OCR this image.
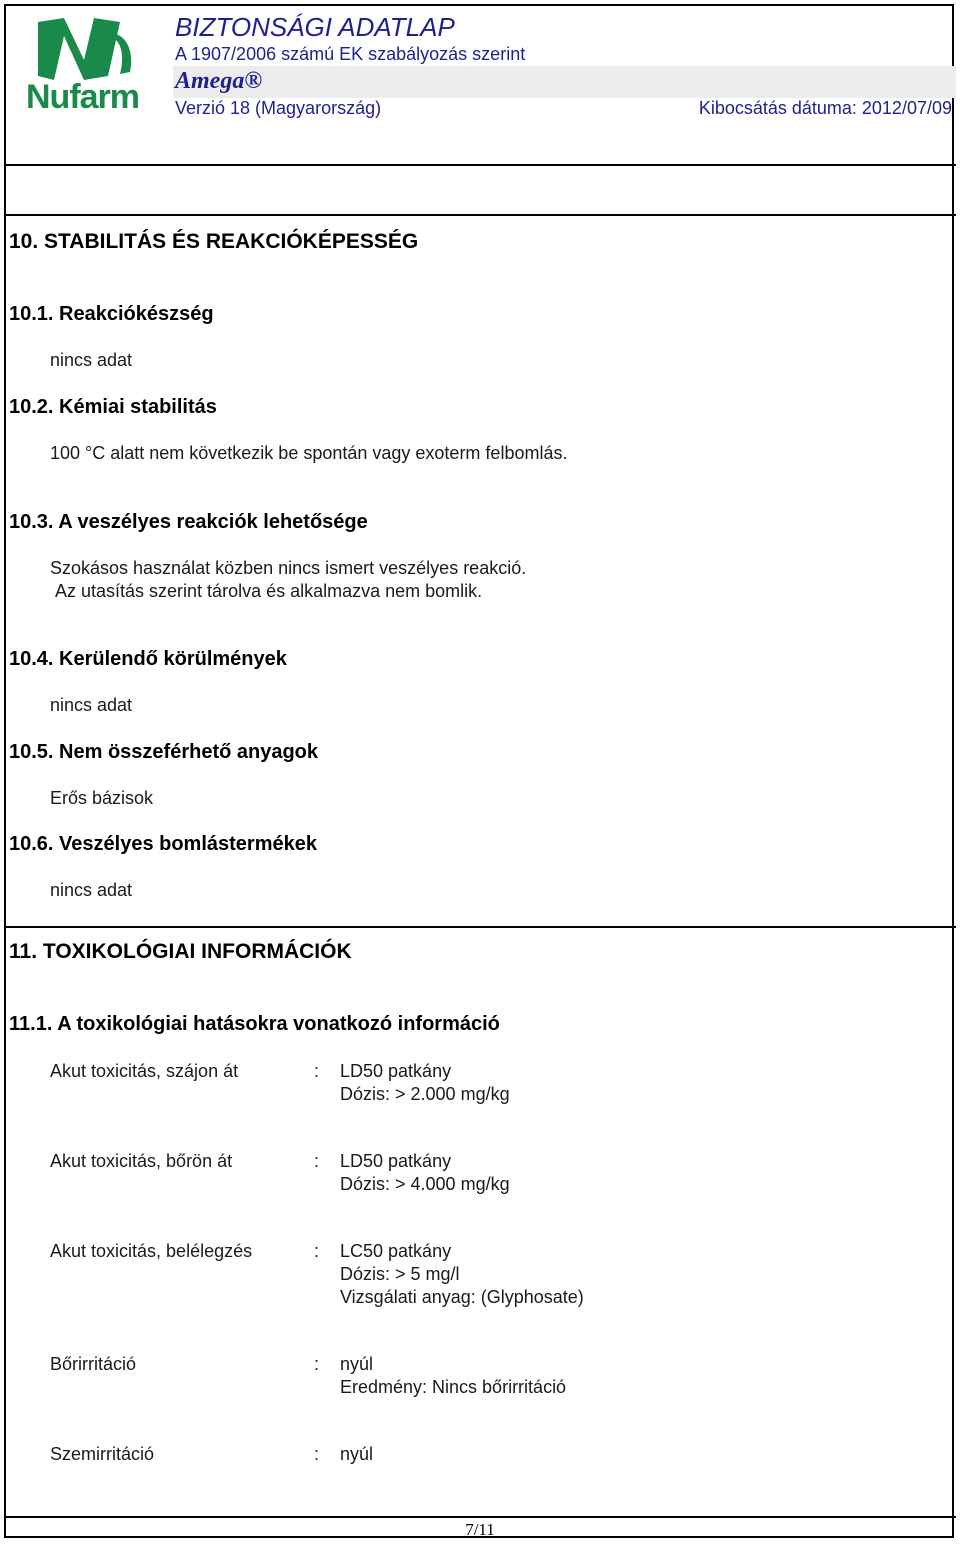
Nufarm
BIZTONSÁGI ADATLAP
A 1907/2006 számú EK szabályozás szerint
Amega®
Verzió 18 (Magyarország)	Kibocsátás dátuma: 2012/07/09
10. STABILITÁS ÉS REAKCIÓKÉPESSÉG
10.1. Reakciókészség
nincs adat
10.2. Kémiai stabilitás
100 °C alatt nem következik be spontán vagy exoterm felbomlás.
10.3. A veszélyes reakciók lehetősége
Szokásos használat közben nincs ismert veszélyes reakció.
Az utasítás szerint tárolva és alkalmazva nem bomlik.
10.4. Kerülendő körülmények
nincs adat
10.5. Nem összeférhető anyagok
Erős bázisok
10.6. Veszélyes bomlástermékek
nincs adat
11. TOXIKOLÓGIAI INFORMÁCIÓK
11.1. A toxikológiai hatásokra vonatkozó információ
Akut toxicitás, szájon át	: LD50 patkány
Dózis: > 2.000 mg/kg
Akut toxicitás, bőrön át	: LD50 patkány
Dózis: > 4.000 mg/kg
Akut toxicitás, belélegzés	: LC50 patkány
Dózis: > 5 mg/l
Vizsgálati anyag: (Glyphosate)
Bőrirritáció	: nyúl
Eredmény: Nincs bőrirritáció
Szemirritáció	: nyúl
7/11
